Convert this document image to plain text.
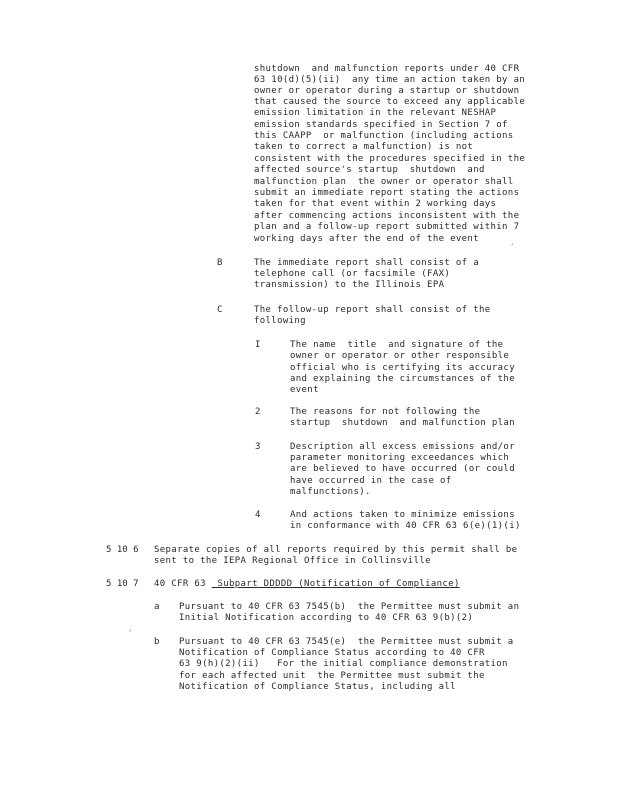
shutdown  and malfunction reports under 40 CFR
63 10(d)(5)(ii)  any time an action taken by an
owner or operator during a startup or shutdown
that caused the source to exceed any applicable
emission limitation in the relevant NESHAP
emission standards specified in Section 7 of
this CAAPP  or malfunction (including actions
taken to correct a malfunction) is not
consistent with the procedures specified in the
affected source's startup  shutdown  and
malfunction plan  the owner or operator shall
submit an immediate report stating the actions
taken for that event within 2 working days
after commencing actions inconsistent with the
plan and a follow-up report submitted within 7
working days after the end of the event
‘
B	The immediate report shall consist of a
telephone call (or facsimile (FAX)
transmission) to the Illinois EPA
C	The follow-up report shall consist of the
following
I	The name  title  and signature of the
owner or operator or other responsible
official who is certifying its accuracy
and explaining the circumstances of the
event
2	The reasons for not following the
startup  shutdown  and malfunction plan
3	Description all excess emissions and/or
parameter monitoring exceedances which
are believed to have occurred (or could
have occurred in the case of
malfunctions).
4	And actions taken to minimize emissions
in conformance with 40 CFR 63 6(e)(1)(i)
5 10 6 Separate copies of all reports required by this permit shall be
sent to the IEPA Regional Office in Collinsville
5 10 7 40 CFR 63  Subpart DDDDD (Notification of Compliance)
a Pursuant to 40 CFR 63 7545(b)  the Permittee must submit an
Initial Notification according to 40 CFR 63 9(b)(2)
‘
b Pursuant to 40 CFR 63 7545(e)  the Permittee must submit a
Notification of Compliance Status according to 40 CFR
63 9(h)(2)(ii)   For the initial compliance demonstration
for each affected unit  the Permittee must submit the
Notification of Compliance Status, including all
